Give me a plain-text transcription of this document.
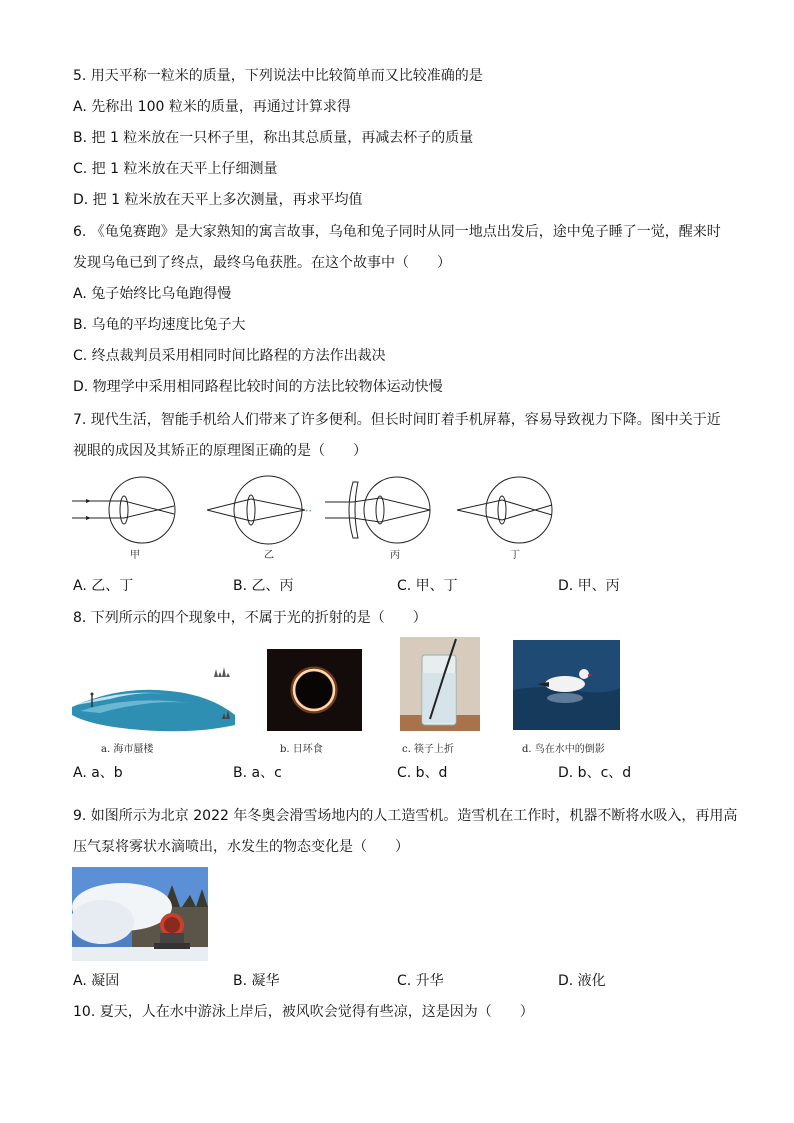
5. 用天平称一粒米的质量，下列说法中比较简单而又比较准确的是
A. 先称出 100 粒米的质量，再通过计算求得
B. 把 1 粒米放在一只杯子里，称出其总质量，再减去杯子的质量
C. 把 1 粒米放在天平上仔细测量
D. 把 1 粒米放在天平上多次测量，再求平均值
6. 《龟兔赛跑》是大家熟知的寓言故事，乌龟和兔子同时从同一地点出发后，途中兔子睡了一觉，醒来时
发现乌龟已到了终点，最终乌龟获胜。在这个故事中（　　）
A. 兔子始终比乌龟跑得慢
B. 乌龟的平均速度比兔子大
C. 终点裁判员采用相同时间比路程的方法作出裁决
D. 物理学中采用相同路程比较时间的方法比较物体运动快慢
7. 现代生活，智能手机给人们带来了许多便利。但长时间盯着手机屏幕，容易导致视力下降。图中关于近
视眼的成因及其矫正的原理图正确的是（　　）
甲
••
乙	丙	丁
A. 乙、丁	B. 乙、丙	C. 甲、丁	D. 甲、丙
8. 下列所示的四个现象中，不属于光的折射的是（　　）
a. 海市蜃楼	b. 日环食	c. 筷子上折	d. 鸟在水中的倒影
A. a、b	B. a、c	C. b、d	D. b、c、d
9. 如图所示为北京 2022 年冬奥会滑雪场地内的人工造雪机。造雪机在工作时，机器不断将水吸入，再用高
压气泵将雾状水滴喷出，水发生的物态变化是（　　）
A. 凝固	B. 凝华	C. 升华	D. 液化
10. 夏天，人在水中游泳上岸后，被风吹会觉得有些凉，这是因为（　　）
